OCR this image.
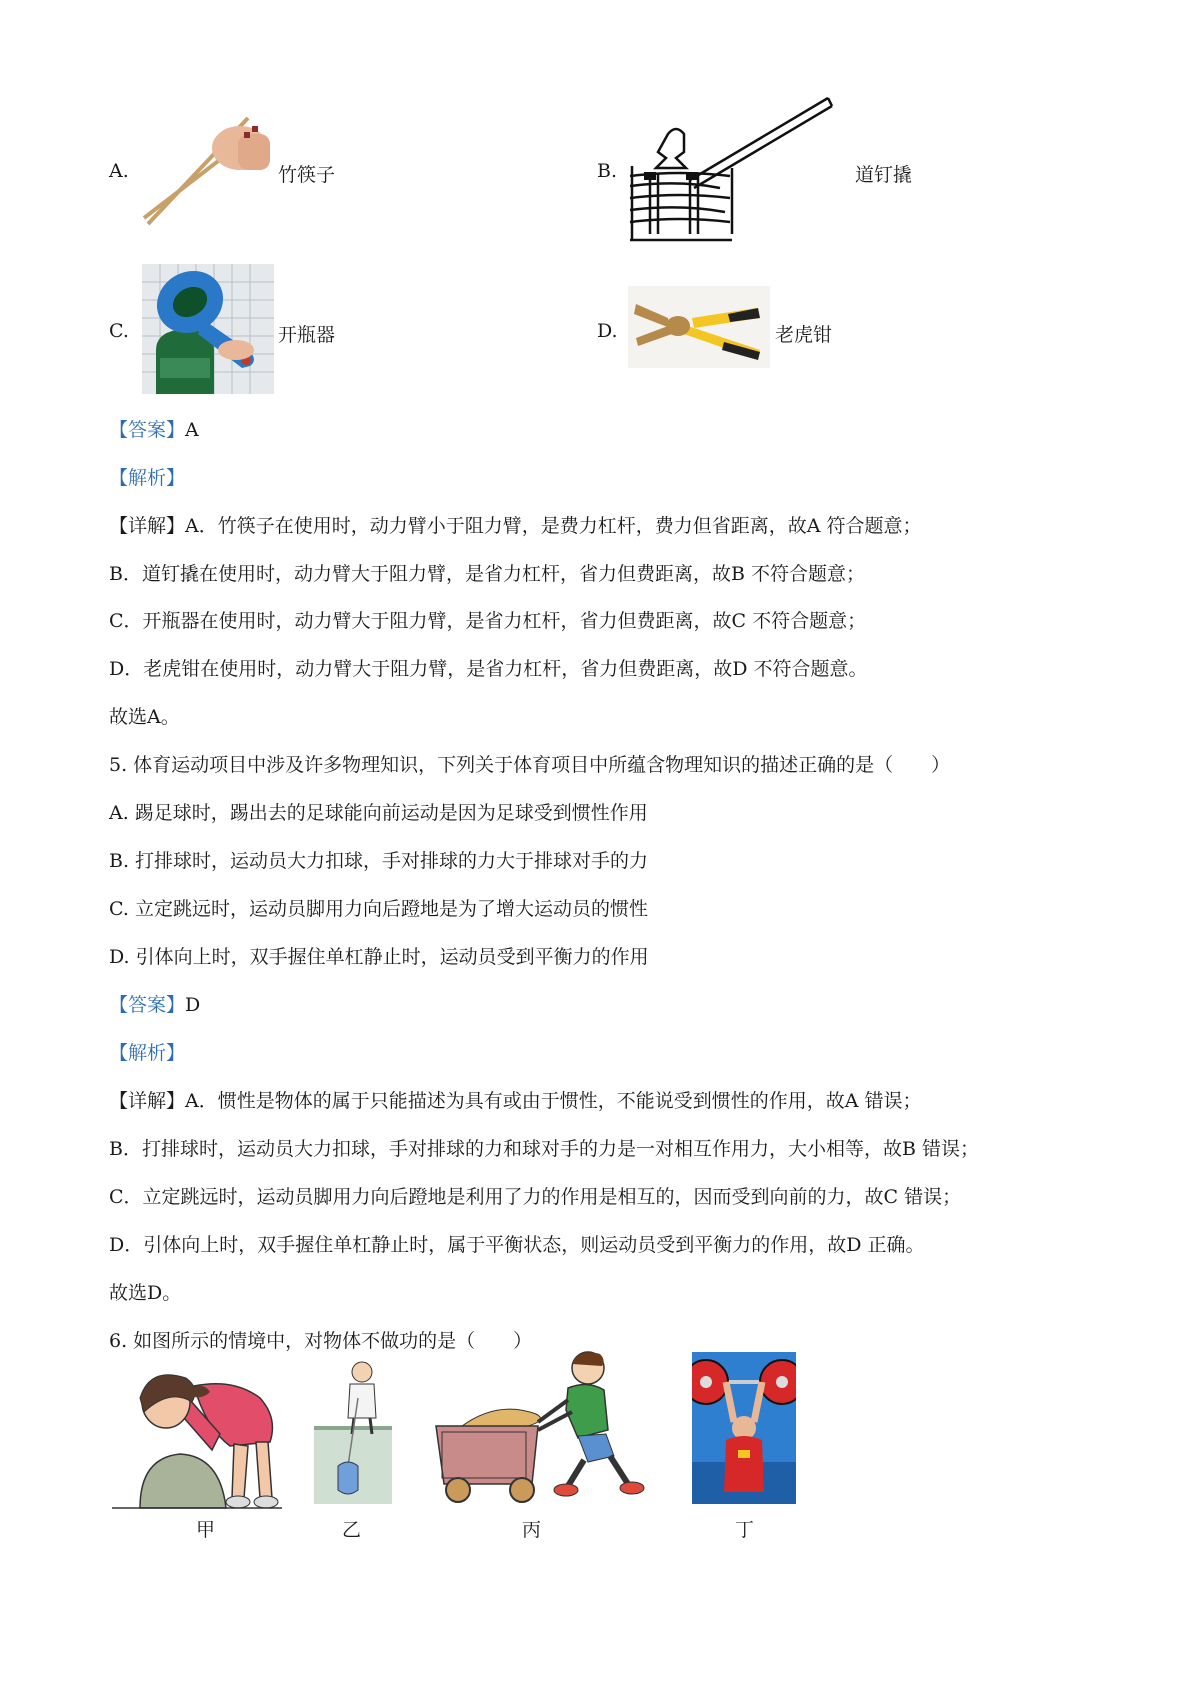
A.	竹筷子	B.	道钉撬
C.	开瓶器	D.	老虎钳
【答案】A
【解析】
【详解】A．竹筷子在使用时，动力臂小于阻力臂，是费力杠杆，费力但省距离，故A 符合题意；
B．道钉撬在使用时，动力臂大于阻力臂，是省力杠杆，省力但费距离，故B 不符合题意；
C．开瓶器在使用时，动力臂大于阻力臂，是省力杠杆，省力但费距离，故C 不符合题意；
D．老虎钳在使用时，动力臂大于阻力臂，是省力杠杆，省力但费距离，故D 不符合题意。
故选A。
5. 体育运动项目中涉及许多物理知识，下列关于体育项目中所蕴含物理知识的描述正确的是（　　）
A. 踢足球时，踢出去的足球能向前运动是因为足球受到惯性作用
B. 打排球时，运动员大力扣球，手对排球的力大于排球对手的力
C. 立定跳远时，运动员脚用力向后蹬地是为了增大运动员的惯性
D. 引体向上时，双手握住单杠静止时，运动员受到平衡力的作用
【答案】D
【解析】
【详解】A．惯性是物体的属于只能描述为具有或由于惯性，不能说受到惯性的作用，故A 错误；
B．打排球时，运动员大力扣球，手对排球的力和球对手的力是一对相互作用力，大小相等，故B 错误；
C．立定跳远时，运动员脚用力向后蹬地是利用了力的作用是相互的，因而受到向前的力，故C 错误；
D．引体向上时，双手握住单杠静止时，属于平衡状态，则运动员受到平衡力的作用，故D 正确。
故选D。
6. 如图所示的情境中，对物体不做功的是（　　）
甲	乙	丙	丁
